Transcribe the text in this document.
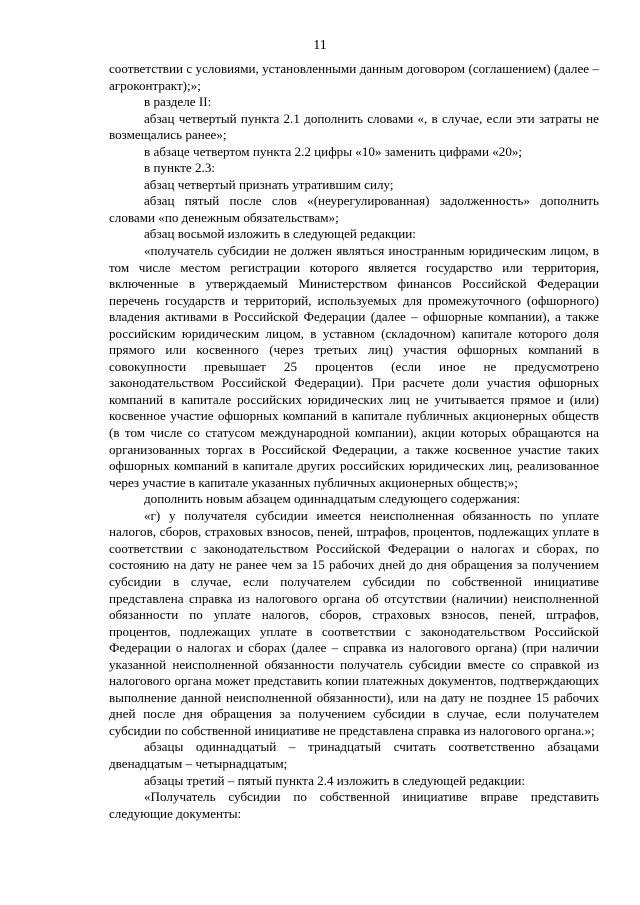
11

соответствии с условиями, установленными данным договором (соглашением) (далее – агроконтракт);»;

в разделе II:

абзац четвертый пункта 2.1 дополнить словами «, в случае, если эти затраты не возмещались ранее»;

в абзаце четвертом пункта 2.2 цифры «10» заменить цифрами «20»;

в пункте 2.3:

абзац четвертый признать утратившим силу;

абзац пятый после слов «(неурегулированная) задолженность» дополнить словами «по денежным обязательствам»;

абзац восьмой изложить в следующей редакции:

«получатель субсидии не должен являться иностранным юридическим лицом, в том числе местом регистрации которого является государство или территория, включенные в утверждаемый Министерством финансов Российской Федерации перечень государств и территорий, используемых для промежуточного (офшорного) владения активами в Российской Федерации (далее – офшорные компании), а также российским юридическим лицом, в уставном (складочном) капитале которого доля прямого или косвенного (через третьих лиц) участия офшорных компаний в совокупности превышает 25 процентов (если иное не предусмотрено законодательством Российской Федерации). При расчете доли участия офшорных компаний в капитале российских юридических лиц не учитывается прямое и (или) косвенное участие офшорных компаний в капитале публичных акционерных обществ (в том числе со статусом международной компании), акции которых обращаются на организованных торгах в Российской Федерации, а также косвенное участие таких офшорных компаний в капитале других российских юридических лиц, реализованное через участие в капитале указанных публичных акционерных обществ;»;

дополнить новым абзацем одиннадцатым следующего содержания:

«г) у получателя субсидии имеется неисполненная обязанность по уплате налогов, сборов, страховых взносов, пеней, штрафов, процентов, подлежащих уплате в соответствии с законодательством Российской Федерации о налогах и сборах, по состоянию на дату не ранее чем за 15 рабочих дней до дня обращения за получением субсидии в случае, если получателем субсидии по собственной инициативе представлена справка из налогового органа об отсутствии (наличии) неисполненной обязанности по уплате налогов, сборов, страховых взносов, пеней, штрафов, процентов, подлежащих уплате в соответствии с законодательством Российской Федерации о налогах и сборах (далее – справка из налогового органа) (при наличии указанной неисполненной обязанности получатель субсидии вместе со справкой из налогового органа может представить копии платежных документов, подтверждающих выполнение данной неисполненной обязанности), или на дату не позднее 15 рабочих дней после дня обращения за получением субсидии в случае, если получателем субсидии по собственной инициативе не представлена справка из налогового органа.»;

абзацы одиннадцатый – тринадцатый считать соответственно абзацами двенадцатым – четырнадцатым;

абзацы третий – пятый пункта 2.4 изложить в следующей редакции:

«Получатель субсидии по собственной инициативе вправе представить следующие документы:
